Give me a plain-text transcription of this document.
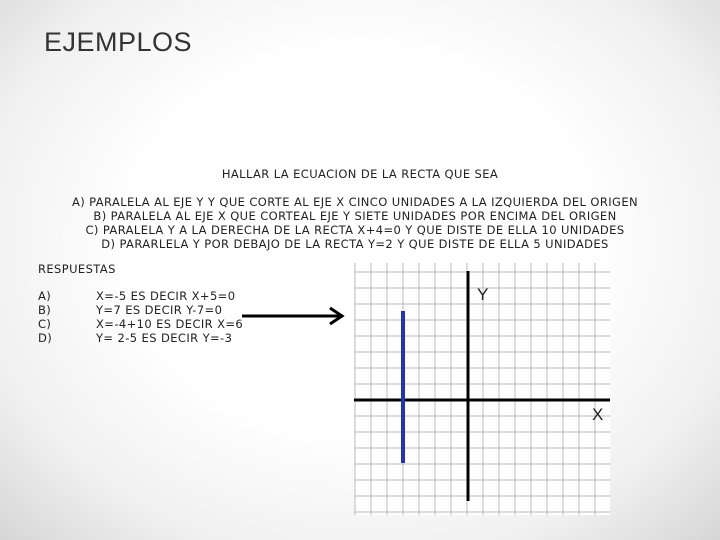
EJEMPLOS
HALLAR LA ECUACION DE LA RECTA QUE SEA
A) PARALELA AL EJE Y Y QUE CORTE AL EJE X CINCO UNIDADES A LA IZQUIERDA DEL ORIGEN
B) PARALELA AL EJE X QUE CORTEAL EJE Y SIETE UNIDADES POR ENCIMA DEL ORIGEN
C) PARALELA Y A LA DERECHA DE LA RECTA X+4=0 Y QUE DISTE DE ELLA 10 UNIDADES
D) PARARLELA Y POR DEBAJO DE LA RECTA Y=2 Y QUE DISTE DE ELLA 5 UNIDADES
RESPUESTAS
A)	X=-5 ES DECIR X+5=0
B)	Y=7 ES DECIR Y-7=0
C)	X=-4+10 ES DECIR X=6
D)	Y= 2-5 ES DECIR Y=-3
Y
X
